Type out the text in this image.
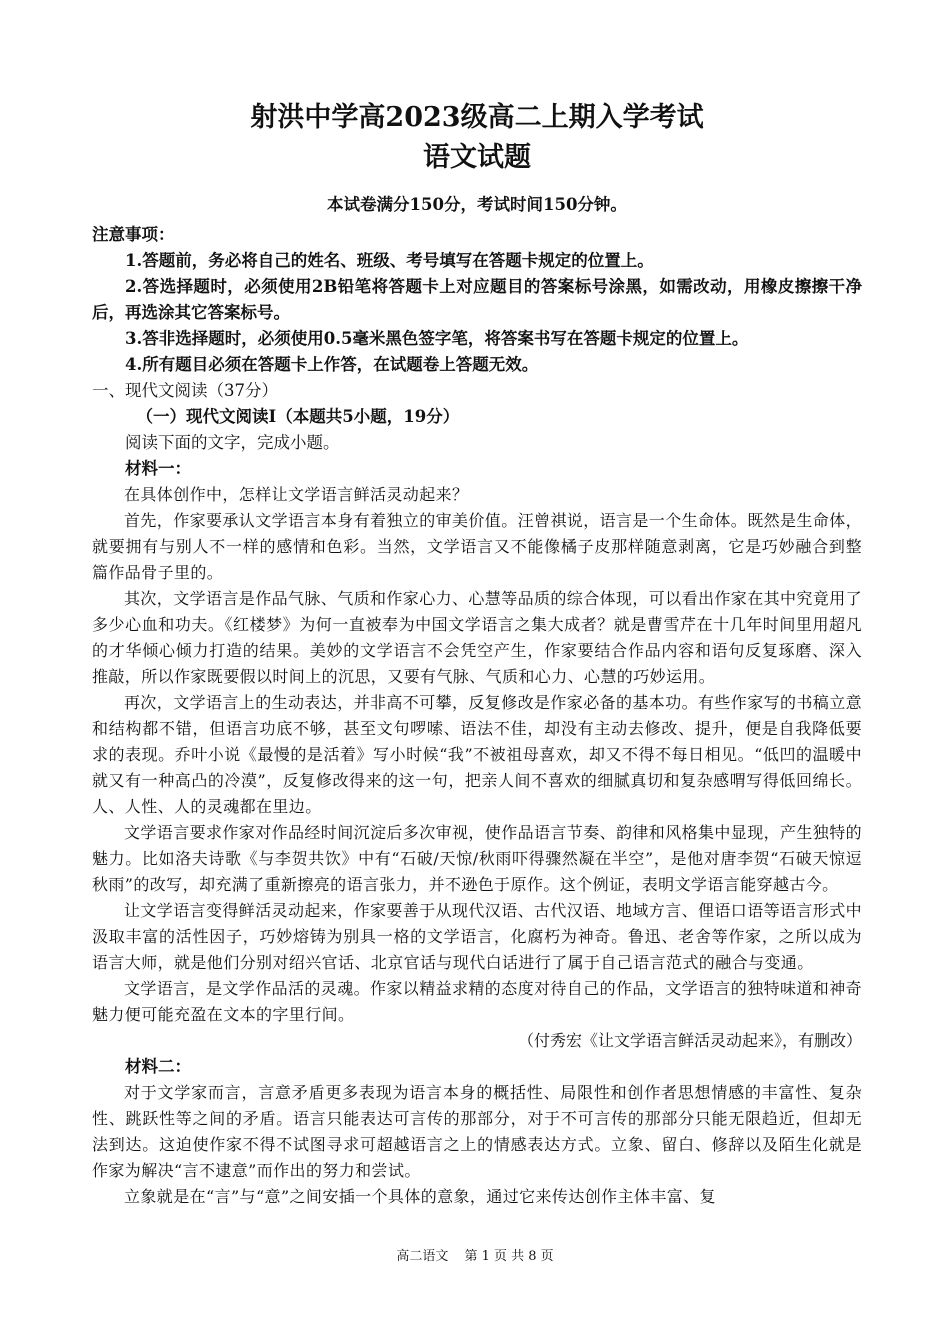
射洪中学高2023级高二上期入学考试
语文试题

本试卷满分150分，考试时间150分钟。

注意事项：

1.答题前，务必将自己的姓名、班级、考号填写在答题卡规定的位置上。

2.答选择题时，必须使用2B铅笔将答题卡上对应题目的答案标号涂黑，如需改动，用橡皮擦擦干净后，再选涂其它答案标号。

3.答非选择题时，必须使用0.5毫米黑色签字笔，将答案书写在答题卡规定的位置上。

4.所有题目必须在答题卡上作答，在试题卷上答题无效。

一、现代文阅读（37分）

（一）现代文阅读Ⅰ（本题共5小题，19分）

阅读下面的文字，完成小题。

材料一：

在具体创作中，怎样让文学语言鲜活灵动起来？

首先，作家要承认文学语言本身有着独立的审美价值。汪曾祺说，语言是一个生命体。既然是生命体，就要拥有与别人不一样的感情和色彩。当然，文学语言又不能像橘子皮那样随意剥离，它是巧妙融合到整篇作品骨子里的。

其次，文学语言是作品气脉、气质和作家心力、心慧等品质的综合体现，可以看出作家在其中究竟用了多少心血和功夫。《红楼梦》为何一直被奉为中国文学语言之集大成者？就是曹雪芹在十几年时间里用超凡的才华倾心倾力打造的结果。美妙的文学语言不会凭空产生，作家要结合作品内容和语句反复琢磨、深入推敲，所以作家既要假以时间上的沉思，又要有气脉、气质和心力、心慧的巧妙运用。

再次，文学语言上的生动表达，并非高不可攀，反复修改是作家必备的基本功。有些作家写的书稿立意和结构都不错，但语言功底不够，甚至文句啰嗦、语法不佳，却没有主动去修改、提升，便是自我降低要求的表现。乔叶小说《最慢的是活着》写小时候“我”不被祖母喜欢，却又不得不每日相见。“低凹的温暖中就又有一种高凸的冷漠”，反复修改得来的这一句，把亲人间不喜欢的细腻真切和复杂感喟写得低回绵长。人、人性、人的灵魂都在里边。

文学语言要求作家对作品经时间沉淀后多次审视，使作品语言节奏、韵律和风格集中显现，产生独特的魅力。比如洛夫诗歌《与李贺共饮》中有“石破/天惊/秋雨吓得骤然凝在半空”，是他对唐李贺“石破天惊逗秋雨”的改写，却充满了重新擦亮的语言张力，并不逊色于原作。这个例证，表明文学语言能穿越古今。

让文学语言变得鲜活灵动起来，作家要善于从现代汉语、古代汉语、地域方言、俚语口语等语言形式中汲取丰富的活性因子，巧妙熔铸为别具一格的文学语言，化腐朽为神奇。鲁迅、老舍等作家，之所以成为语言大师，就是他们分别对绍兴官话、北京官话与现代白话进行了属于自己语言范式的融合与变通。

文学语言，是文学作品活的灵魂。作家以精益求精的态度对待自己的作品，文学语言的独特味道和神奇魅力便可能充盈在文本的字里行间。

（付秀宏《让文学语言鲜活灵动起来》，有删改）

材料二：

对于文学家而言，言意矛盾更多表现为语言本身的概括性、局限性和创作者思想情感的丰富性、复杂性、跳跃性等之间的矛盾。语言只能表达可言传的那部分，对于不可言传的那部分只能无限趋近，但却无法到达。这迫使作家不得不试图寻求可超越语言之上的情感表达方式。立象、留白、修辞以及陌生化就是作家为解决“言不逮意”而作出的努力和尝试。

立象就是在“言”与“意”之间安插一个具体的意象，通过它来传达创作主体丰富、复

高二语文 第 1 页 共 8 页
